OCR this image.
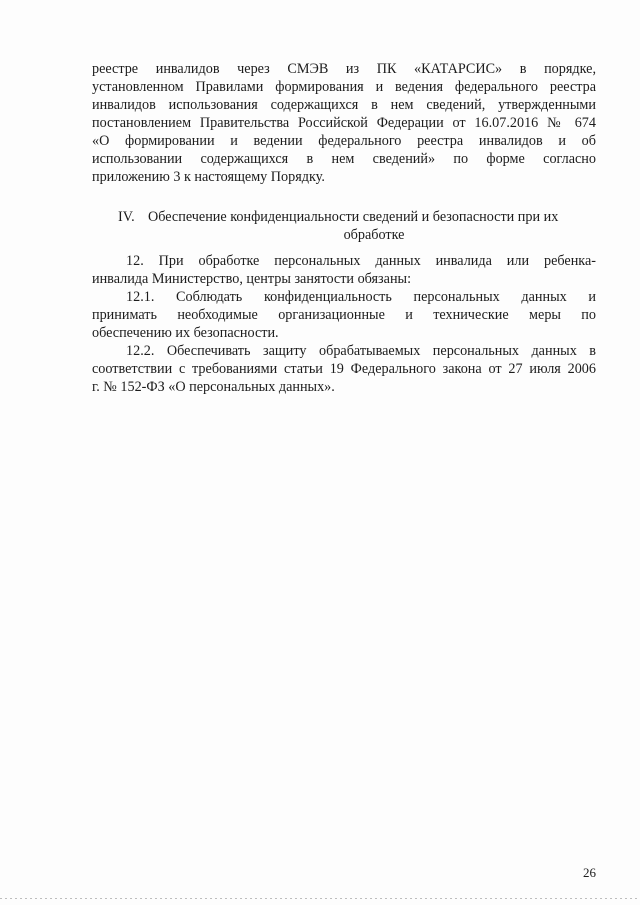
реестре инвалидов через СМЭВ из ПК «КАТАРСИС» в порядке,
установленном Правилами формирования и ведения федерального реестра
инвалидов использования содержащихся в нем сведений, утвержденными
постановлением Правительства Российской Федерации от 16.07.2016 № 674
«О формировании и ведении федерального реестра инвалидов и об
использовании содержащихся в нем сведений» по форме согласно
приложению 3 к настоящему Порядку.
IV. Обеспечение конфиденциальности сведений и безопасности при их
обработке
12. При обработке персональных данных инвалида или ребенка-
инвалида Министерство, центры занятости обязаны:
12.1. Соблюдать конфиденциальность персональных данных и
принимать необходимые организационные и технические меры по
обеспечению их безопасности.
12.2. Обеспечивать защиту обрабатываемых персональных данных в
соответствии с требованиями статьи 19 Федерального закона от 27 июля 2006
г. № 152-ФЗ «О персональных данных».
26
